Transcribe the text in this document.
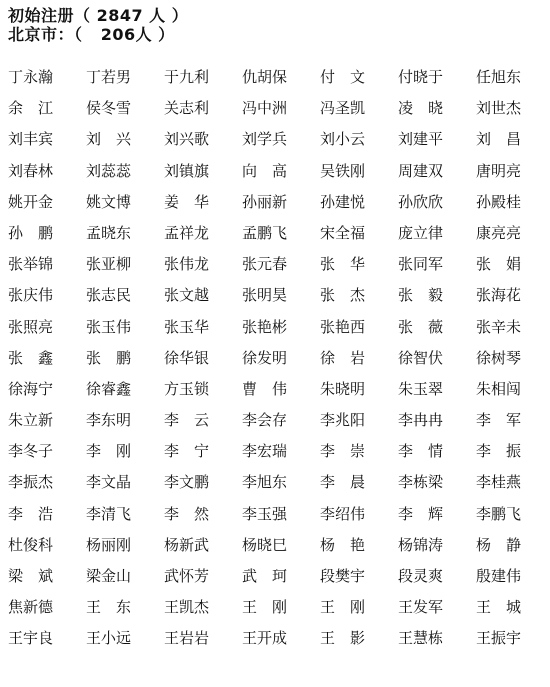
初始注册（ 2847 人 ）
北京市：（   206人 ）
丁永瀚	丁若男	于九利	仇胡保	付　文	付晓于	任旭东
余　江	侯冬雪	关志利	冯中洲	冯圣凯	凌　晓	刘世杰
刘丰宾	刘　兴	刘兴歌	刘学兵	刘小云	刘建平	刘　昌
刘春林	刘蕊蕊	刘镇旗	向　高	吴铁刚	周建双	唐明亮
姚开金	姚文博	姜　华	孙丽新	孙建悦	孙欣欣	孙殿桂
孙　鹏	孟晓东	孟祥龙	孟鹏飞	宋全福	庞立律	康亮亮
张举锦	张亚柳	张伟龙	张元春	张　华	张同军	张　娟
张庆伟	张志民	张文越	张明昊	张　杰	张　毅	张海花
张照亮	张玉伟	张玉华	张艳彬	张艳西	张　薇	张辛未
张　鑫	张　鹏	徐华银	徐发明	徐　岩	徐智伏	徐树琴
徐海宁	徐睿鑫	方玉锁	曹　伟	朱晓明	朱玉翠	朱相闯
朱立新	李东明	李　云	李会存	李兆阳	李冉冉	李　军
李冬子	李　刚	李　宁	李宏瑞	李　崇	李　情	李　振
李振杰	李文晶	李文鹏	李旭东	李　晨	李栋梁	李桂燕
李　浩	李清飞	李　然	李玉强	李绍伟	李　辉	李鹏飞
杜俊科	杨丽刚	杨新武	杨晓巳	杨　艳	杨锦涛	杨　静
梁　斌	梁金山	武怀芳	武　珂	段樊宇	段灵爽	殷建伟
焦新德	王　东	王凯杰	王　刚	王　刚	王发军	王　城
王宇良	王小远	王岩岩	王开成	王　影	王慧栋	王振宇
